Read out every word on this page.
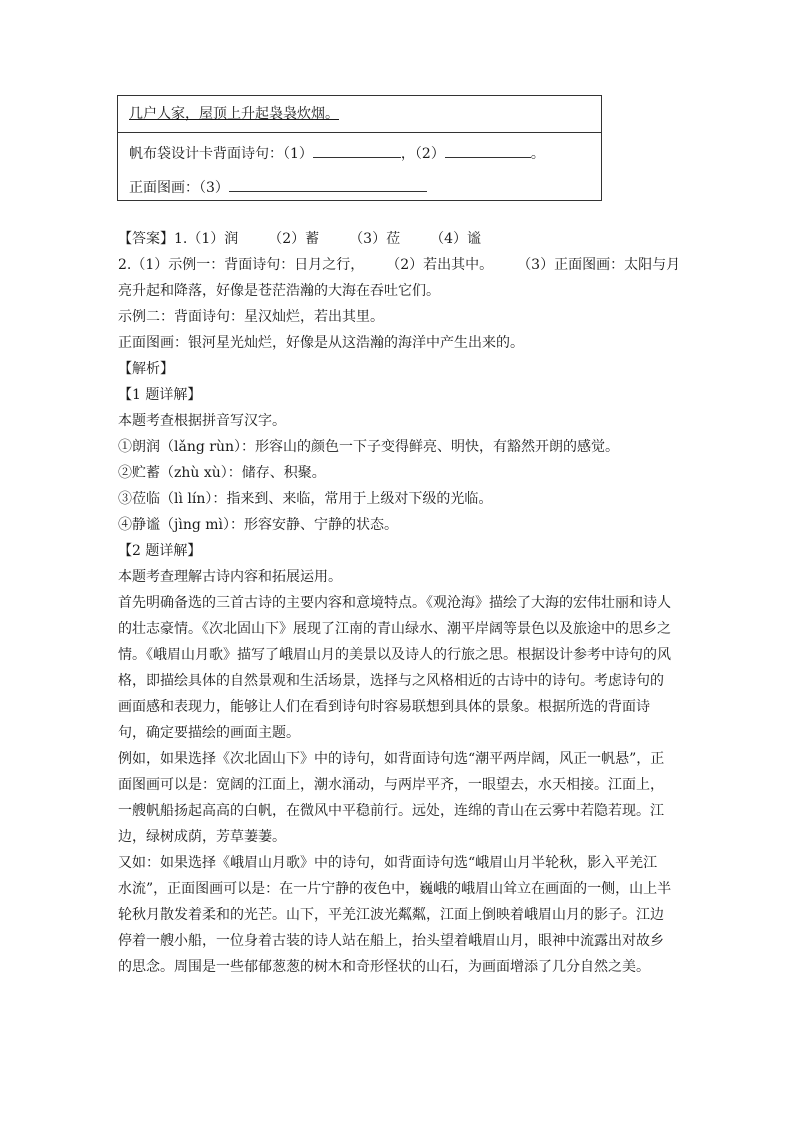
几户人家，屋顶上升起袅袅炊烟。
帆布袋设计卡背面诗句：（1）	，（2）	。
正面图画：（3）

【答案】1.（1）润 （2）蓄 （3）莅 （4）谧

2.（1）示例一：背面诗句：日月之行， （2）若出其中。 （3）正面图画：太阳与月

亮升起和降落，好像是苍茫浩瀚的大海在吞吐它们。

示例二：背面诗句：星汉灿烂，若出其里。

正面图画：银河星光灿烂，好像是从这浩瀚的海洋中产生出来的。

【解析】

【1 题详解】

本题考查根据拼音写汉字。

①朗润（lǎng rùn）：形容山的颜色一下子变得鲜亮、明快，有豁然开朗的感觉。

②贮蓄（zhù xù）：储存、积聚。

③莅临（lì lín）：指来到、来临，常用于上级对下级的光临。

④静谧（jìng mì）：形容安静、宁静的状态。

【2 题详解】

本题考查理解古诗内容和拓展运用。

首先明确备选的三首古诗的主要内容和意境特点。《观沧海》描绘了大海的宏伟壮丽和诗人

的壮志豪情。《次北固山下》展现了江南的青山绿水、潮平岸阔等景色以及旅途中的思乡之

情。《峨眉山月歌》描写了峨眉山月的美景以及诗人的行旅之思。根据设计参考中诗句的风

格，即描绘具体的自然景观和生活场景，选择与之风格相近的古诗中的诗句。考虑诗句的

画面感和表现力，能够让人们在看到诗句时容易联想到具体的景象。根据所选的背面诗

句，确定要描绘的画面主题。

例如，如果选择《次北固山下》中的诗句，如背面诗句选“潮平两岸阔，风正一帆悬”，正

面图画可以是：宽阔的江面上，潮水涌动，与两岸平齐，一眼望去，水天相接。江面上，

一艘帆船扬起高高的白帆，在微风中平稳前行。远处，连绵的青山在云雾中若隐若现。江

边，绿树成荫，芳草萋萋。

又如：如果选择《峨眉山月歌》中的诗句，如背面诗句选“峨眉山月半轮秋，影入平羌江

水流”，正面图画可以是：在一片宁静的夜色中，巍峨的峨眉山耸立在画面的一侧，山上半

轮秋月散发着柔和的光芒。山下，平羌江波光粼粼，江面上倒映着峨眉山月的影子。江边

停着一艘小船，一位身着古装的诗人站在船上，抬头望着峨眉山月，眼神中流露出对故乡

的思念。周围是一些郁郁葱葱的树木和奇形怪状的山石，为画面增添了几分自然之美。
